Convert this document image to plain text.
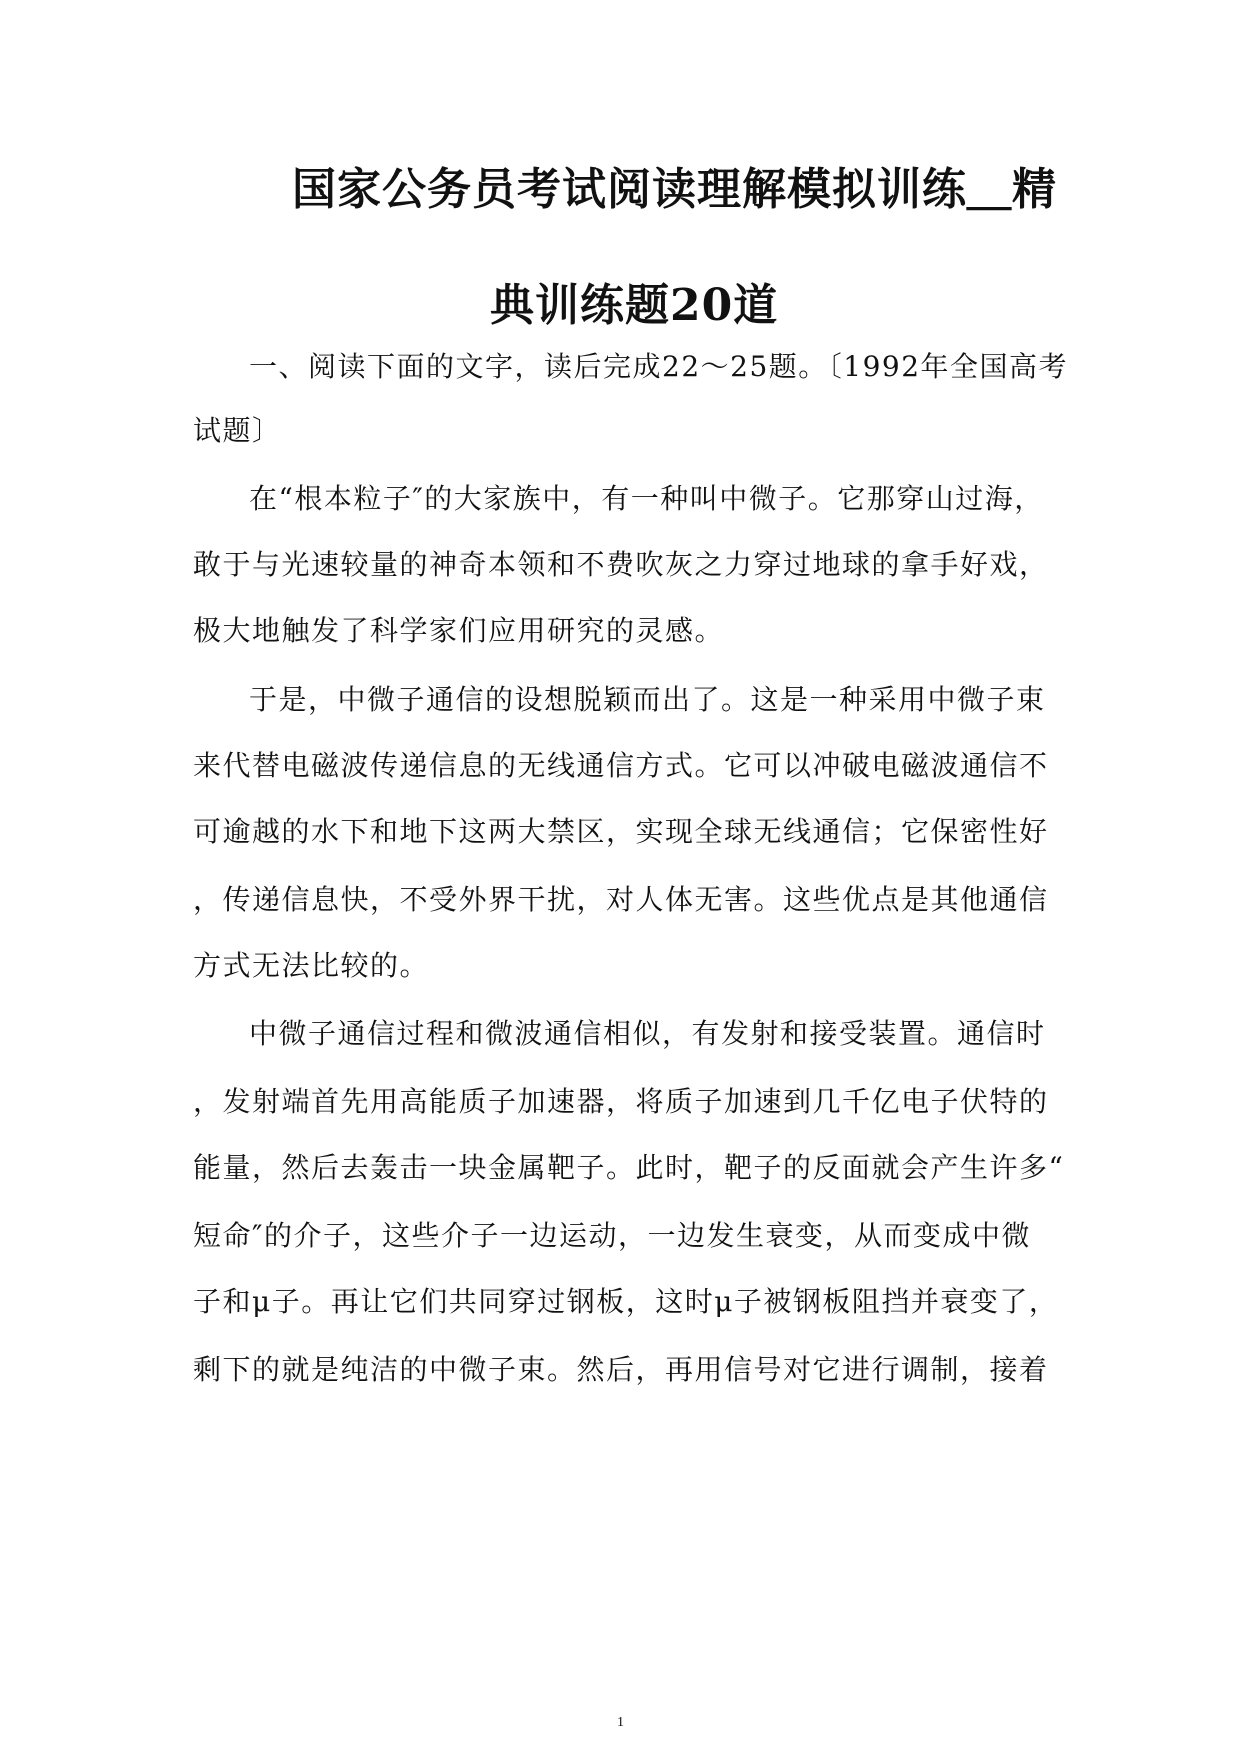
国家公务员考试阅读理解模拟训练＿精
典训练题20道
一、阅读下面的文字，读后完成22～25题。〔1992年全国高考
试题〕
在“根本粒子″的大家族中，有一种叫中微子。它那穿山过海，
敢于与光速较量的神奇本领和不费吹灰之力穿过地球的拿手好戏，
极大地触发了科学家们应用研究的灵感。
于是，中微子通信的设想脱颖而出了。这是一种采用中微子束
来代替电磁波传递信息的无线通信方式。它可以冲破电磁波通信不
可逾越的水下和地下这两大禁区，实现全球无线通信；它保密性好
，传递信息快，不受外界干扰，对人体无害。这些优点是其他通信
方式无法比较的。
中微子通信过程和微波通信相似，有发射和接受装置。通信时
，发射端首先用高能质子加速器，将质子加速到几千亿电子伏特的
能量，然后去轰击一块金属靶子。此时，靶子的反面就会产生许多“
短命″的介子，这些介子一边运动，一边发生衰变，从而变成中微
子和μ子。再让它们共同穿过钢板，这时μ子被钢板阻挡并衰变了，
剩下的就是纯洁的中微子束。然后，再用信号对它进行调制，接着
1
